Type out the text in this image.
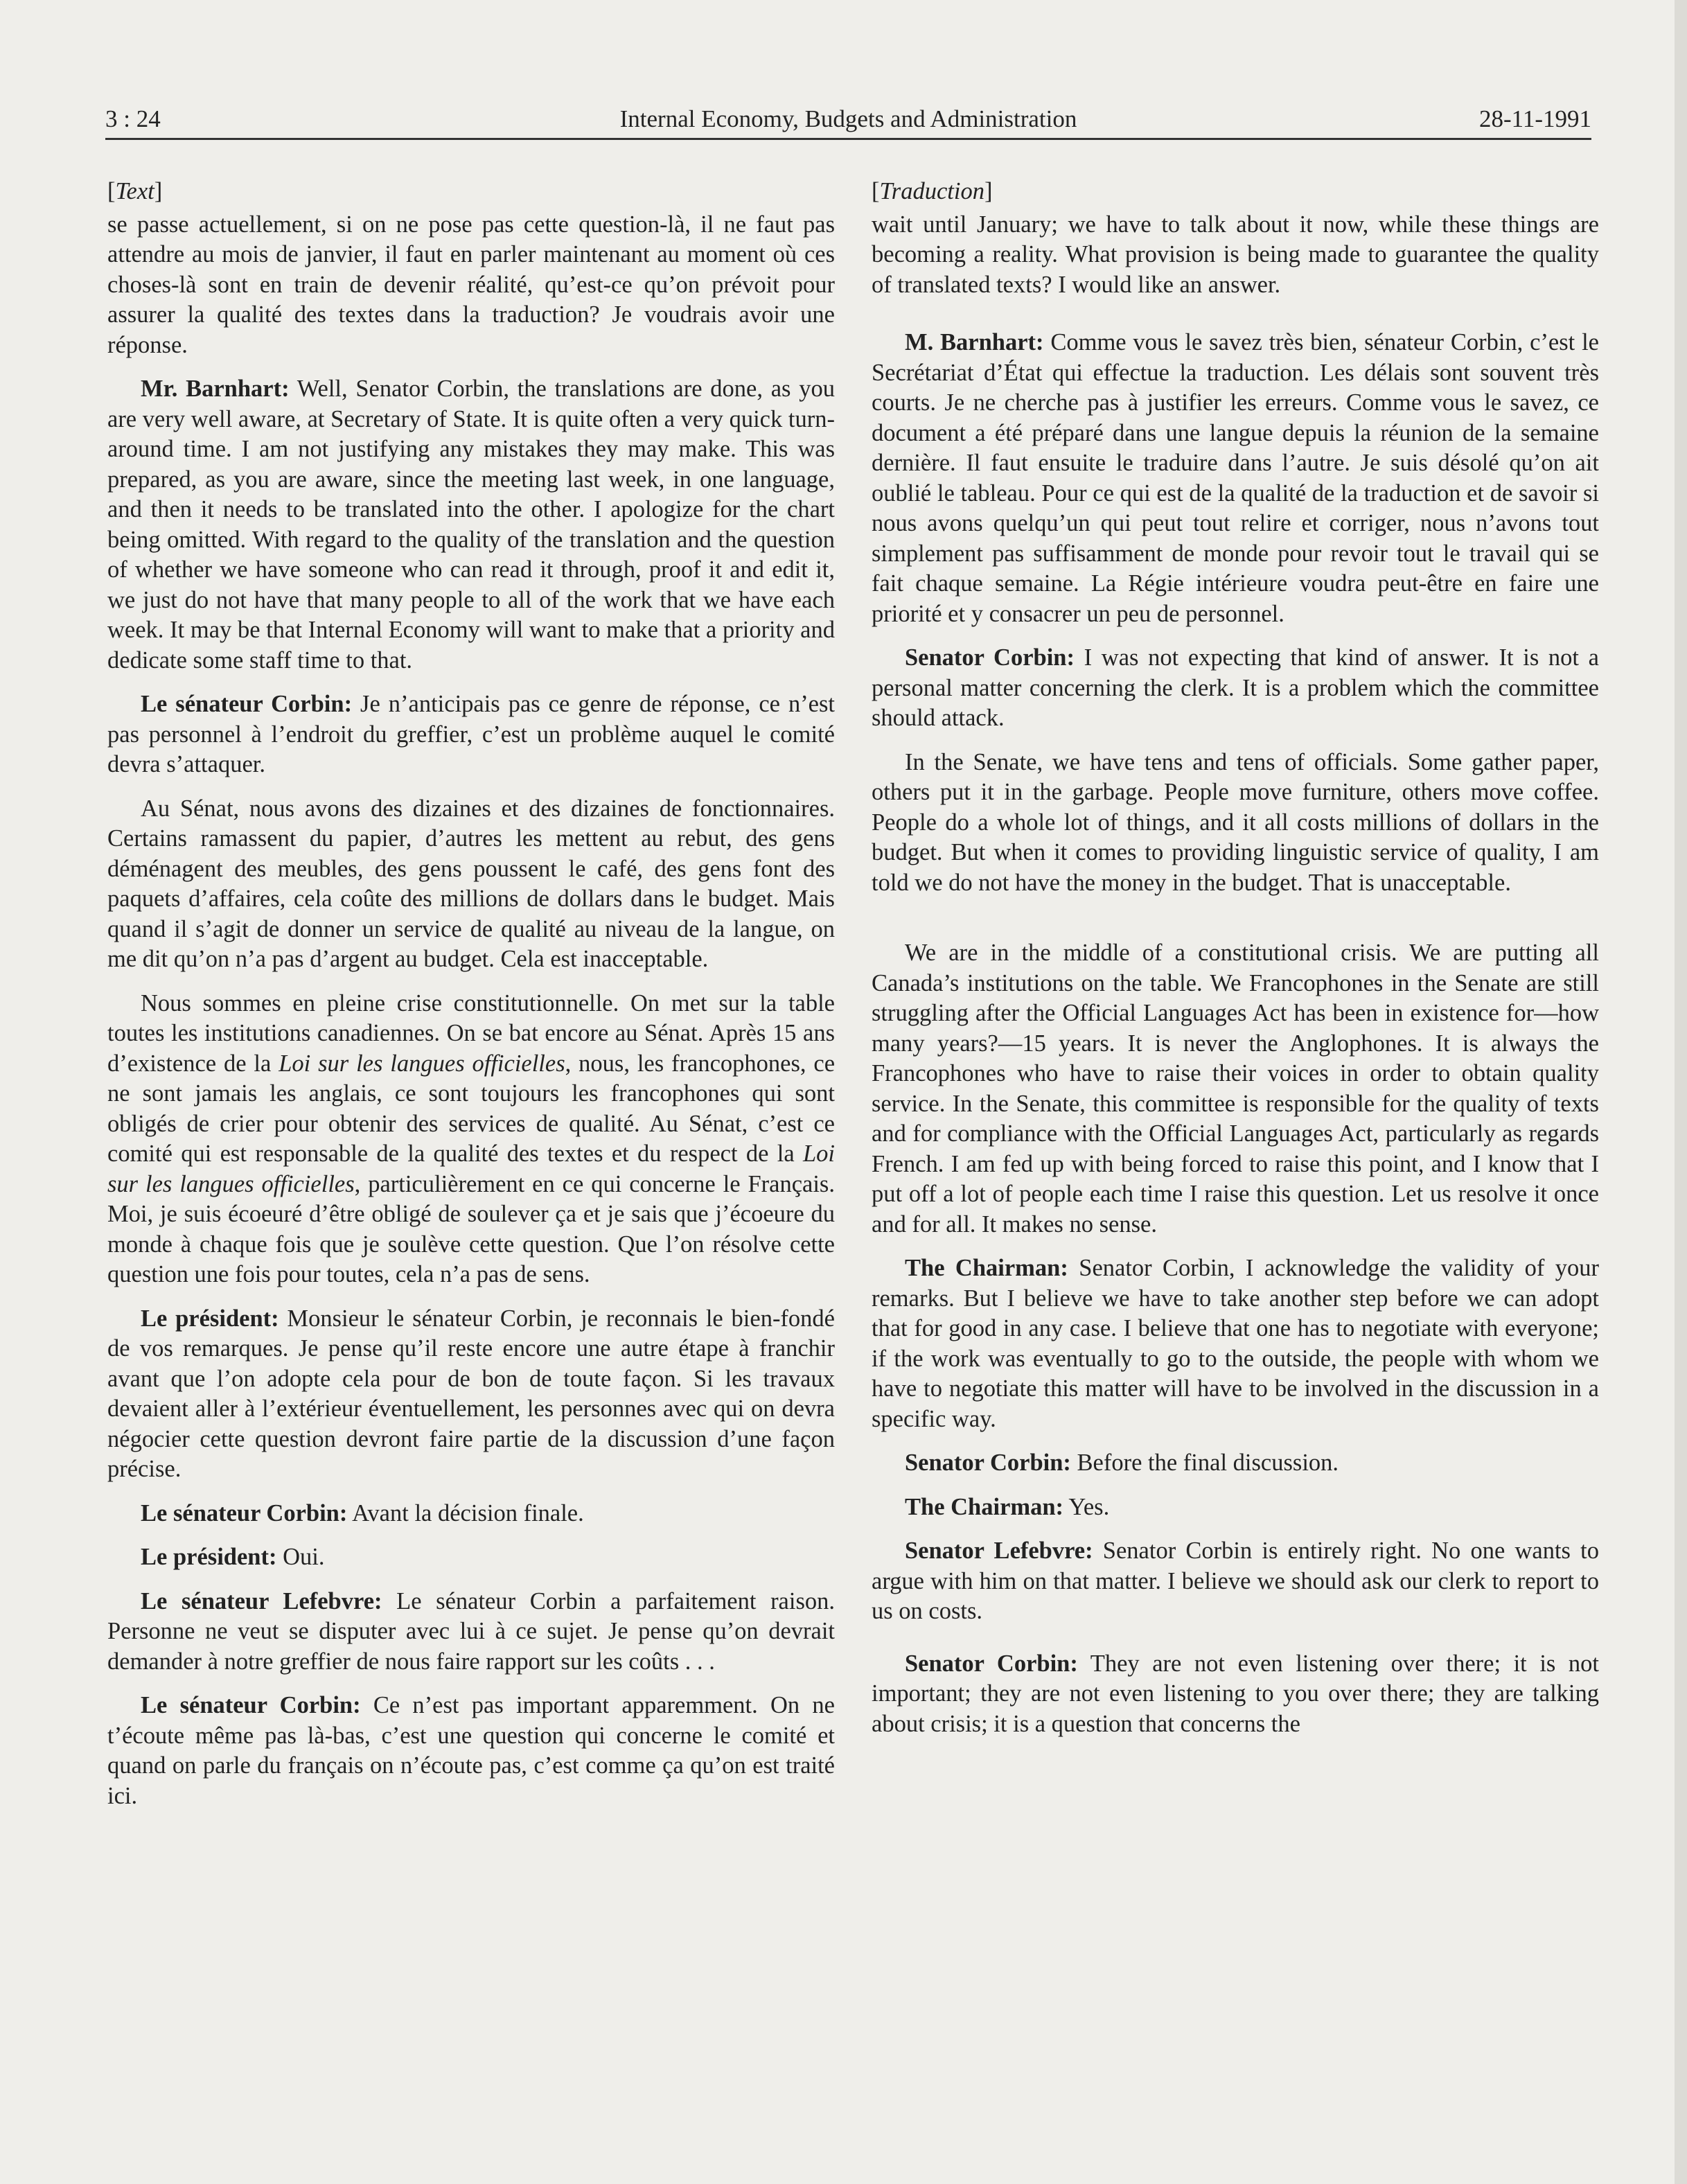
3 : 24	Internal Economy, Budgets and Administration	28-11-1991

[Text]

se passe actuellement, si on ne pose pas cette question-là, il ne faut pas attendre au mois de janvier, il faut en parler maintenant au moment où ces choses-là sont en train de devenir réalité, qu’est-ce qu’on prévoit pour assurer la qualité des textes dans la traduction? Je voudrais avoir une réponse.

Mr. Barnhart: Well, Senator Corbin, the translations are done, as you are very well aware, at Secretary of State. It is quite often a very quick turn-around time. I am not justifying any mistakes they may make. This was prepared, as you are aware, since the meeting last week, in one language, and then it needs to be translated into the other. I apologize for the chart being omitted. With regard to the quality of the translation and the question of whether we have someone who can read it through, proof it and edit it, we just do not have that many people to all of the work that we have each week. It may be that Internal Economy will want to make that a priority and dedicate some staff time to that.

Le sénateur Corbin: Je n’anticipais pas ce genre de réponse, ce n’est pas personnel à l’endroit du greffier, c’est un problème auquel le comité devra s’attaquer.

Au Sénat, nous avons des dizaines et des dizaines de fonctionnaires. Certains ramassent du papier, d’autres les mettent au rebut, des gens déménagent des meubles, des gens poussent le café, des gens font des paquets d’affaires, cela coûte des millions de dollars dans le budget. Mais quand il s’agit de donner un service de qualité au niveau de la langue, on me dit qu’on n’a pas d’argent au budget. Cela est inacceptable.

Nous sommes en pleine crise constitutionnelle. On met sur la table toutes les institutions canadiennes. On se bat encore au Sénat. Après 15 ans d’existence de la Loi sur les langues officielles, nous, les francophones, ce ne sont jamais les anglais, ce sont toujours les francophones qui sont obligés de crier pour obtenir des services de qualité. Au Sénat, c’est ce comité qui est responsable de la qualité des textes et du respect de la Loi sur les langues officielles, particulièrement en ce qui concerne le Français. Moi, je suis écoeuré d’être obligé de soulever ça et je sais que j’écoeure du monde à chaque fois que je soulève cette question. Que l’on résolve cette question une fois pour toutes, cela n’a pas de sens.

Le président: Monsieur le sénateur Corbin, je reconnais le bien-fondé de vos remarques. Je pense qu’il reste encore une autre étape à franchir avant que l’on adopte cela pour de bon de toute façon. Si les travaux devaient aller à l’extérieur éventuellement, les personnes avec qui on devra négocier cette question devront faire partie de la discussion d’une façon précise.

Le sénateur Corbin: Avant la décision finale.

Le président: Oui.

Le sénateur Lefebvre: Le sénateur Corbin a parfaitement raison. Personne ne veut se disputer avec lui à ce sujet. Je pense qu’on devrait demander à notre greffier de nous faire rapport sur les coûts . . .

Le sénateur Corbin: Ce n’est pas important apparemment. On ne t’écoute même pas là-bas, c’est une question qui concerne le comité et quand on parle du français on n’écoute pas, c’est comme ça qu’on est traité ici.

[Traduction]

wait until January; we have to talk about it now, while these things are becoming a reality. What provision is being made to guarantee the quality of translated texts? I would like an answer.

M. Barnhart: Comme vous le savez très bien, sénateur Corbin, c’est le Secrétariat d’État qui effectue la traduction. Les délais sont souvent très courts. Je ne cherche pas à justifier les erreurs. Comme vous le savez, ce document a été préparé dans une langue depuis la réunion de la semaine dernière. Il faut ensuite le traduire dans l’autre. Je suis désolé qu’on ait oublié le tableau. Pour ce qui est de la qualité de la traduction et de savoir si nous avons quelqu’un qui peut tout relire et corriger, nous n’avons tout simplement pas suffisamment de monde pour revoir tout le travail qui se fait chaque semaine. La Régie intérieure voudra peut-être en faire une priorité et y consacrer un peu de personnel.

Senator Corbin: I was not expecting that kind of answer. It is not a personal matter concerning the clerk. It is a problem which the committee should attack.

In the Senate, we have tens and tens of officials. Some gather paper, others put it in the garbage. People move furniture, others move coffee. People do a whole lot of things, and it all costs millions of dollars in the budget. But when it comes to providing linguistic service of quality, I am told we do not have the money in the budget. That is unacceptable.

We are in the middle of a constitutional crisis. We are putting all Canada’s institutions on the table. We Francophones in the Senate are still struggling after the Official Languages Act has been in existence for—how many years?—15 years. It is never the Anglophones. It is always the Francophones who have to raise their voices in order to obtain quality service. In the Senate, this committee is responsible for the quality of texts and for compliance with the Official Languages Act, particularly as regards French. I am fed up with being forced to raise this point, and I know that I put off a lot of people each time I raise this question. Let us resolve it once and for all. It makes no sense.

The Chairman: Senator Corbin, I acknowledge the validity of your remarks. But I believe we have to take another step before we can adopt that for good in any case. I believe that one has to negotiate with everyone; if the work was eventually to go to the outside, the people with whom we have to negotiate this matter will have to be involved in the discussion in a specific way.

Senator Corbin: Before the final discussion.

The Chairman: Yes.

Senator Lefebvre: Senator Corbin is entirely right. No one wants to argue with him on that matter. I believe we should ask our clerk to report to us on costs.

Senator Corbin: They are not even listening over there; it is not important; they are not even listening to you over there; they are talking about crisis; it is a question that concerns the
